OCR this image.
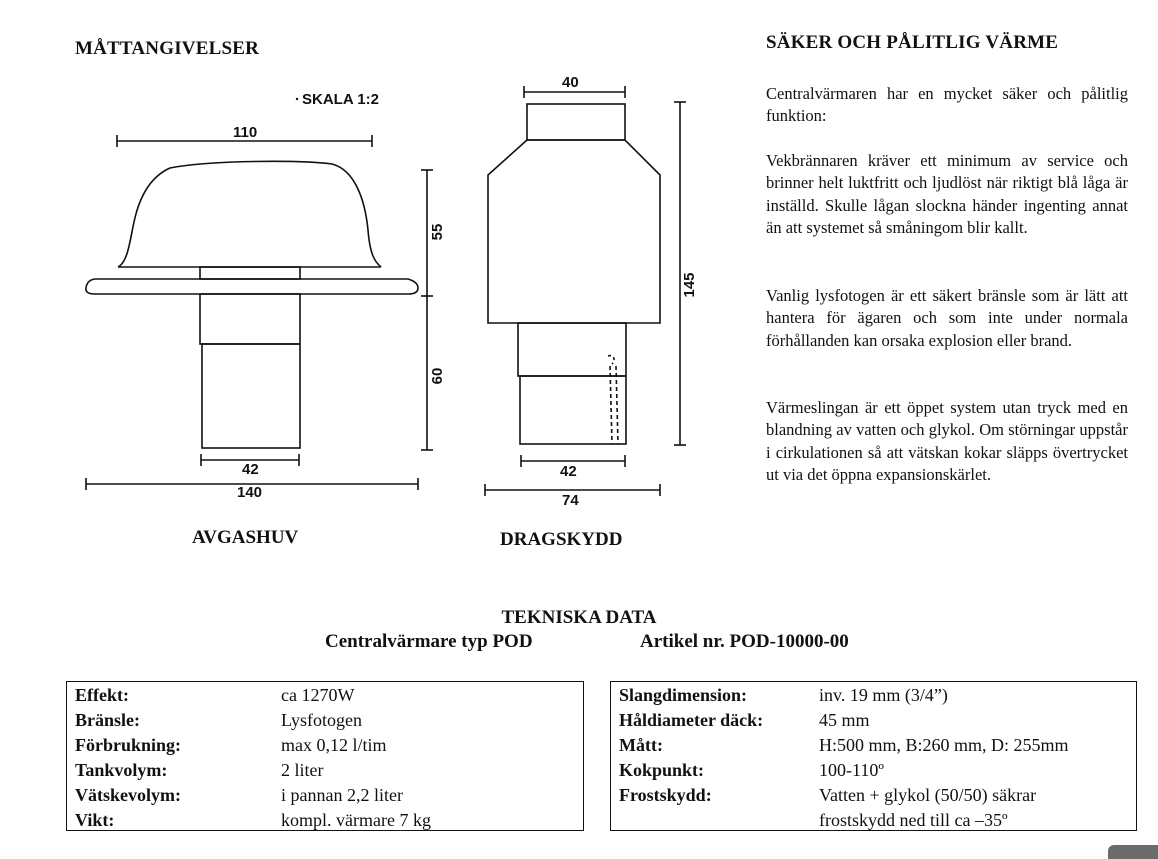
MÅTTANGIVELSER	SÄKER OCH PÅLITLIG VÄRME

Centralvärmaren har en mycket säker och pålitlig funktion:

Vekbrännaren kräver ett minimum av service och brinner helt luktfritt och ljudlöst när riktigt blå låga är inställd. Skulle lågan slockna händer ingenting annat än att systemet så småningom blir kallt.

Vanlig lysfotogen är ett säkert bränsle som är lätt att hantera för ägaren och som inte under normala förhållanden kan orsaka explosion eller brand.

Värmeslingan är ett öppet system utan tryck med en blandning av vatten och glykol. Om störningar uppstår i cirkulationen så att vätskan kokar släpps övertrycket ut via det öppna expansionskärlet.

SKALA 1:2
110
55
60
42
140
40
145
42
74
AVGASHUV	DRAGSKYDD
TEKNISKA DATA
Centralvärmare typ POD	Artikel nr. POD-10000-00
Effekt:	ca 1270W
Bränsle:	Lysfotogen
Förbrukning:	max 0,12 l/tim
Tankvolym:	2 liter
Vätskevolym:	i pannan 2,2 liter
Vikt:	kompl. värmare 7 kg
Slangdimension:	inv. 19 mm (3/4”)
Håldiameter däck:	45 mm
Mått:	H:500 mm, B:260 mm, D: 255mm
Kokpunkt:	100-110º
Frostskydd:	Vatten + glykol (50/50) säkrar
frostskydd ned till ca –35º
